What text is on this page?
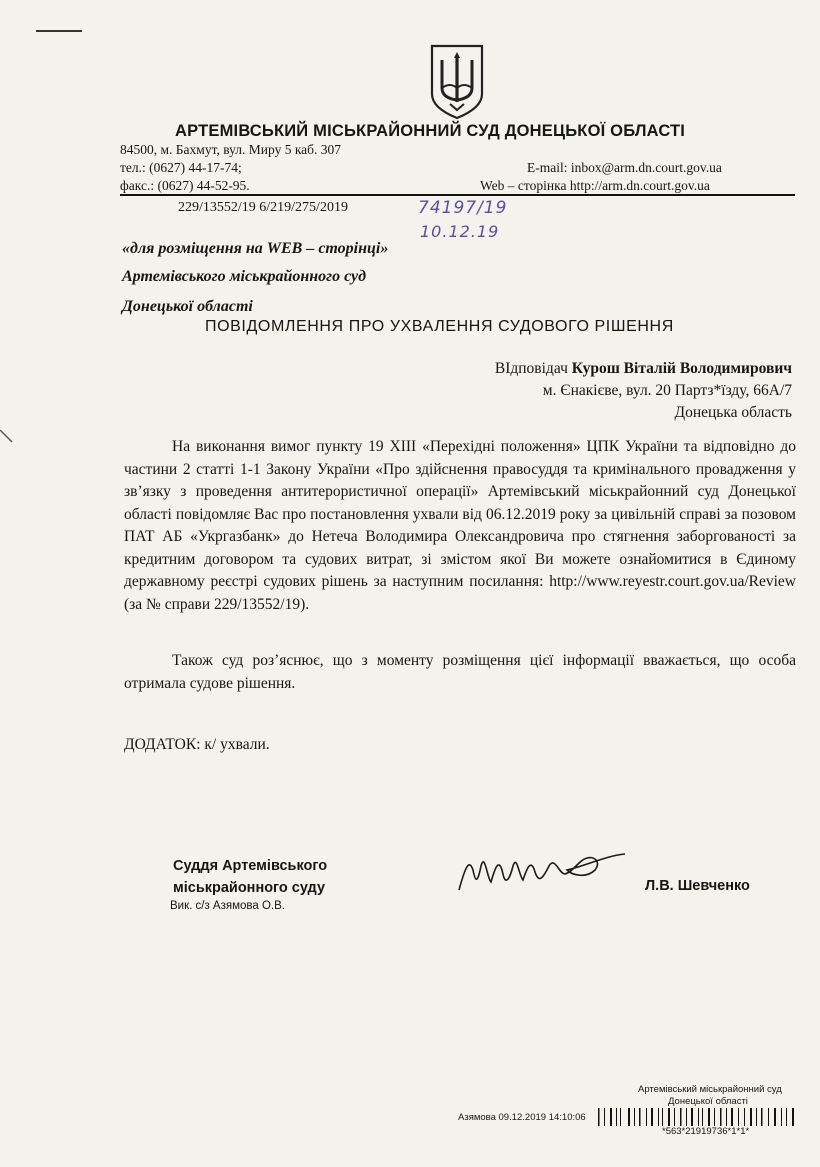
АРТЕМІВСЬКИЙ МІСЬКРАЙОННИЙ СУД ДОНЕЦЬКОЇ ОБЛАСТІ
84500, м. Бахмут, вул. Миру 5 каб. 307
тел.: (0627) 44-17-74;
факс.: (0627) 44-52-95.
E-mail: inbox@arm.dn.court.gov.ua
Web – сторінка http://arm.dn.court.gov.ua
229/13552/19 6/219/275/2019	74197/19
10.12.19
«для розміщення на WEB – сторінці»
Артемівського міськрайонного суд
Донецької області
ПОВІДОМЛЕННЯ ПРО УХВАЛЕННЯ СУДОВОГО РІШЕННЯ
ВІдповідач Курош Віталій Володимирович
м. Єнакієве, вул. 20 Партз*їзду, 66А/7
Донецька область

На виконання вимог пункту 19 XIII «Перехідні положення» ЦПК України та відповідно до частини 2 статті 1-1 Закону України «Про здійснення правосуддя та кримінального провадження у зв’язку з проведення антитерористичної операції» Артемівський міськрайонний суд Донецької області повідомляє Вас про постановлення ухвали від 06.12.2019 року за цивільній справі за позовом ПАТ АБ «Укргазбанк» до Нетеча Володимира Олександровича про стягнення заборгованості за кредитним договором та судових витрат, зі змістом якої Ви можете ознайомитися в Єдиному державному реєстрі судових рішень за наступним посилання: http://www.reyestr.court.gov.ua/Review (за № справи 229/13552/19).

Також суд роз’яснює, що з моменту розміщення цієї інформації вважається, що особа отримала судове рішення.

ДОДАТОК: к/ ухвали.
Суддя Артемівського
міськрайонного суду
Вик. с/з Азямова О.В.
Л.В. Шевченко
Артемівський міськрайонний суд
Донецької області
Азямова 09.12.2019 14:10:06
*563*21919736*1*1*
